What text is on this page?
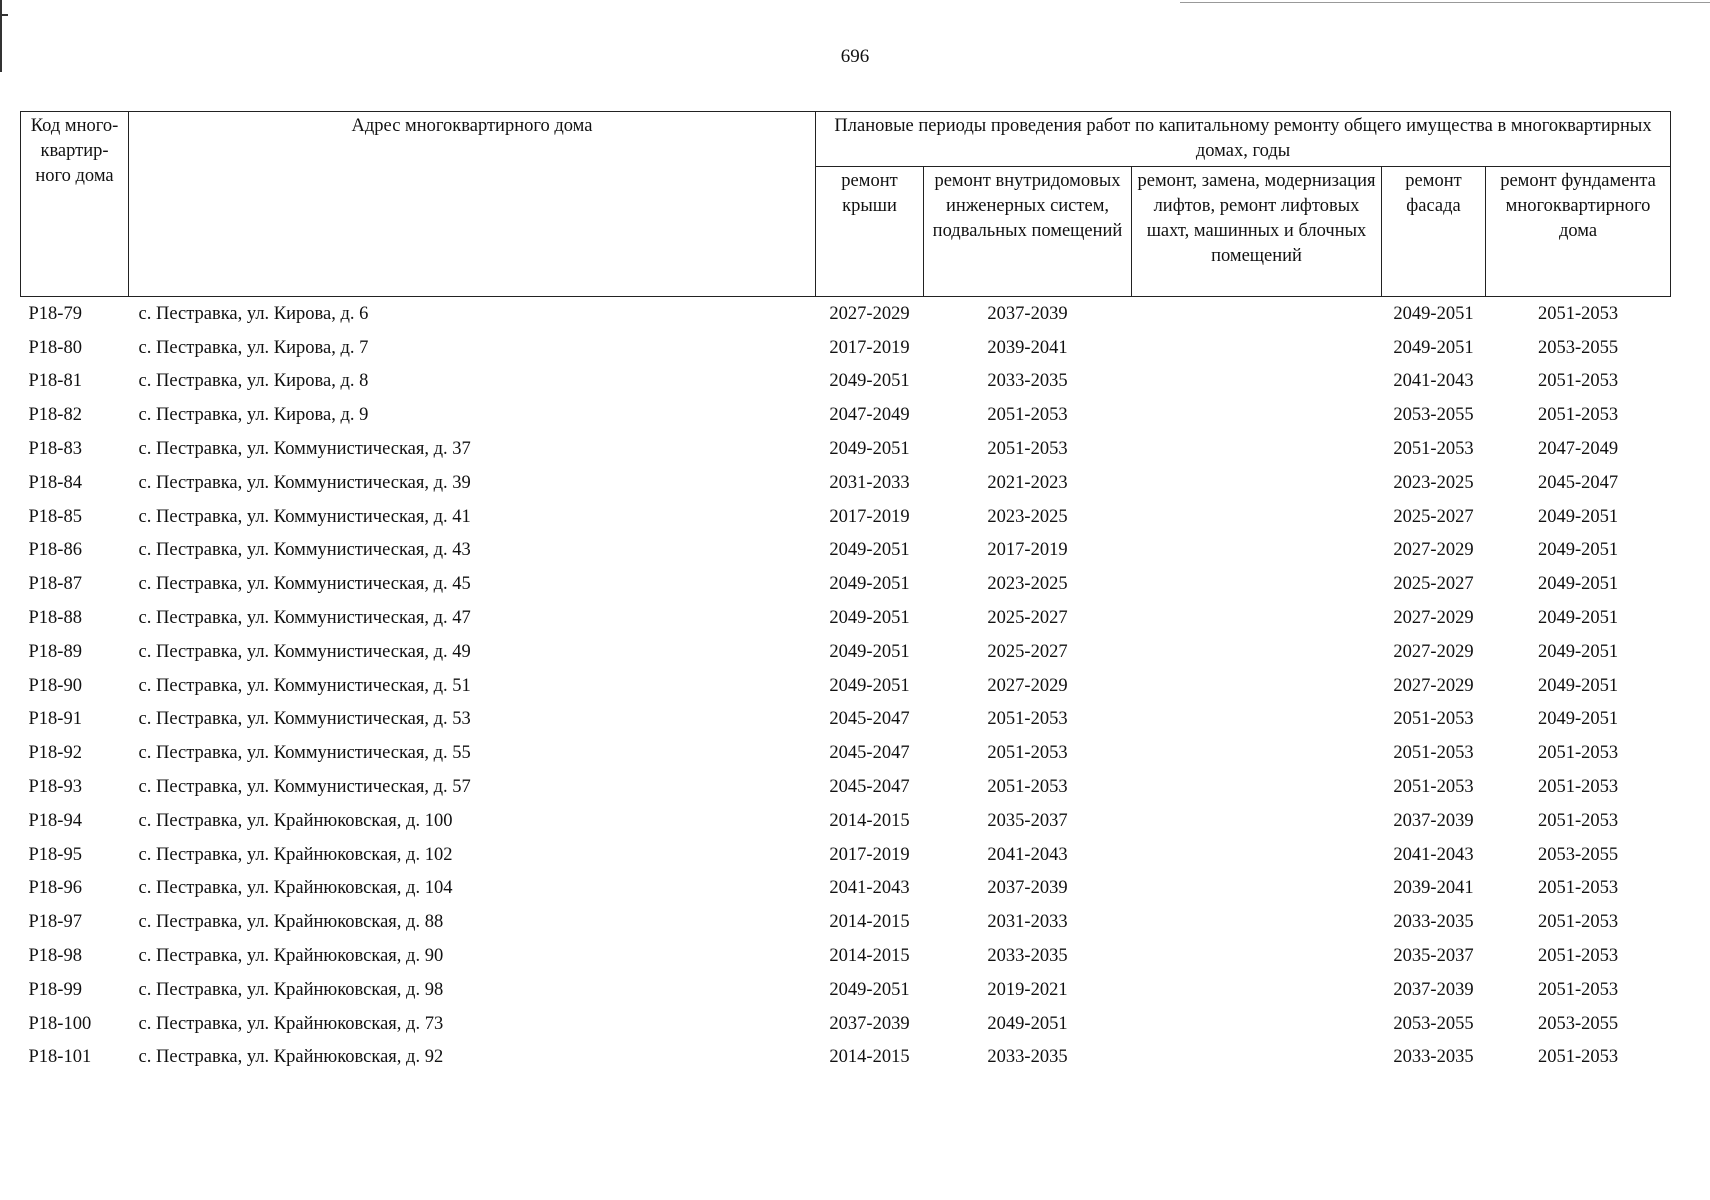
696
Код много-квартир-ного дома	Адрес многоквартирного дома	Плановые периоды проведения работ по капитальному ремонту общего имущества в многоквартирных домах, годы				
		ремонт крыши	ремонт внутридомовых инженерных систем, подвальных помещений	ремонт, замена, модернизация лифтов, ремонт лифтовых шахт, машинных и блочных помещений	ремонт фасада	ремонт фундамента многоквартирного дома
P18-79	с. Пестравка, ул. Кирова, д. 6	2027-2029	2037-2039		2049-2051	2051-2053
P18-80	с. Пестравка, ул. Кирова, д. 7	2017-2019	2039-2041		2049-2051	2053-2055
P18-81	с. Пестравка, ул. Кирова, д. 8	2049-2051	2033-2035		2041-2043	2051-2053
P18-82	с. Пестравка, ул. Кирова, д. 9	2047-2049	2051-2053		2053-2055	2051-2053
P18-83	с. Пестравка, ул. Коммунистическая, д. 37	2049-2051	2051-2053		2051-2053	2047-2049
P18-84	с. Пестравка, ул. Коммунистическая, д. 39	2031-2033	2021-2023		2023-2025	2045-2047
P18-85	с. Пестравка, ул. Коммунистическая, д. 41	2017-2019	2023-2025		2025-2027	2049-2051
P18-86	с. Пестравка, ул. Коммунистическая, д. 43	2049-2051	2017-2019		2027-2029	2049-2051
P18-87	с. Пестравка, ул. Коммунистическая, д. 45	2049-2051	2023-2025		2025-2027	2049-2051
P18-88	с. Пестравка, ул. Коммунистическая, д. 47	2049-2051	2025-2027		2027-2029	2049-2051
P18-89	с. Пестравка, ул. Коммунистическая, д. 49	2049-2051	2025-2027		2027-2029	2049-2051
P18-90	с. Пестравка, ул. Коммунистическая, д. 51	2049-2051	2027-2029		2027-2029	2049-2051
P18-91	с. Пестравка, ул. Коммунистическая, д. 53	2045-2047	2051-2053		2051-2053	2049-2051
P18-92	с. Пестравка, ул. Коммунистическая, д. 55	2045-2047	2051-2053		2051-2053	2051-2053
P18-93	с. Пестравка, ул. Коммунистическая, д. 57	2045-2047	2051-2053		2051-2053	2051-2053
P18-94	с. Пестравка, ул. Крайнюковская, д. 100	2014-2015	2035-2037		2037-2039	2051-2053
P18-95	с. Пестравка, ул. Крайнюковская, д. 102	2017-2019	2041-2043		2041-2043	2053-2055
P18-96	с. Пестравка, ул. Крайнюковская, д. 104	2041-2043	2037-2039		2039-2041	2051-2053
P18-97	с. Пестравка, ул. Крайнюковская, д. 88	2014-2015	2031-2033		2033-2035	2051-2053
P18-98	с. Пестравка, ул. Крайнюковская, д. 90	2014-2015	2033-2035		2035-2037	2051-2053
P18-99	с. Пестравка, ул. Крайнюковская, д. 98	2049-2051	2019-2021		2037-2039	2051-2053
P18-100	с. Пестравка, ул. Крайнюковская, д. 73	2037-2039	2049-2051		2053-2055	2053-2055
P18-101	с. Пестравка, ул. Крайнюковская, д. 92	2014-2015	2033-2035		2033-2035	2051-2053
